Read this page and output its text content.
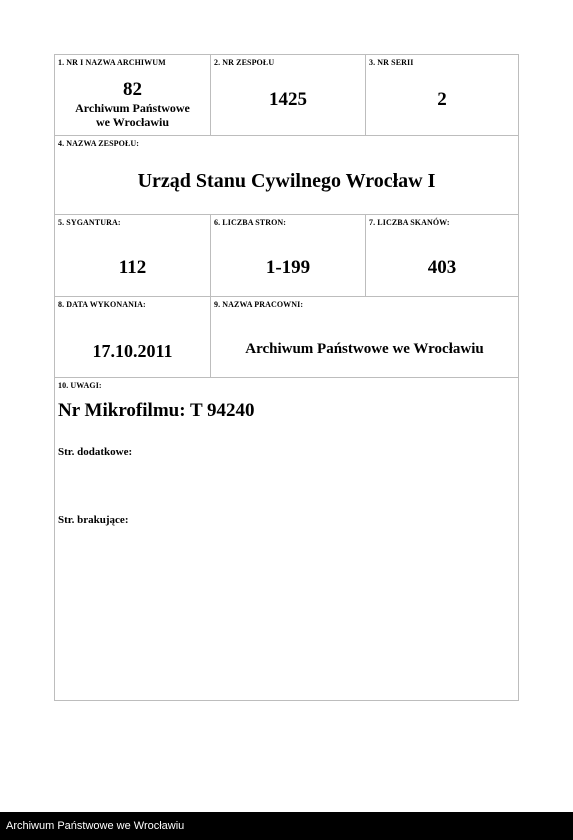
1. NR I NAZWA ARCHIWUM
82
Archiwum Państwowe
we Wrocławiu
2. NR ZESPOŁU
1425
3. NR SERII
2
4. NAZWA ZESPOŁU:
Urząd Stanu Cywilnego Wrocław I
5. SYGANTURA:
112
6. LICZBA STRON:
1-199
7. LICZBA SKANÓW:
403
8. DATA WYKONANIA:
17.10.2011
9. NAZWA PRACOWNI:
Archiwum Państwowe we Wrocławiu
10. UWAGI:
Nr Mikrofilmu: T 94240
Str. dodatkowe:
Str. brakujące:
Archiwum Państwowe we Wrocławiu
